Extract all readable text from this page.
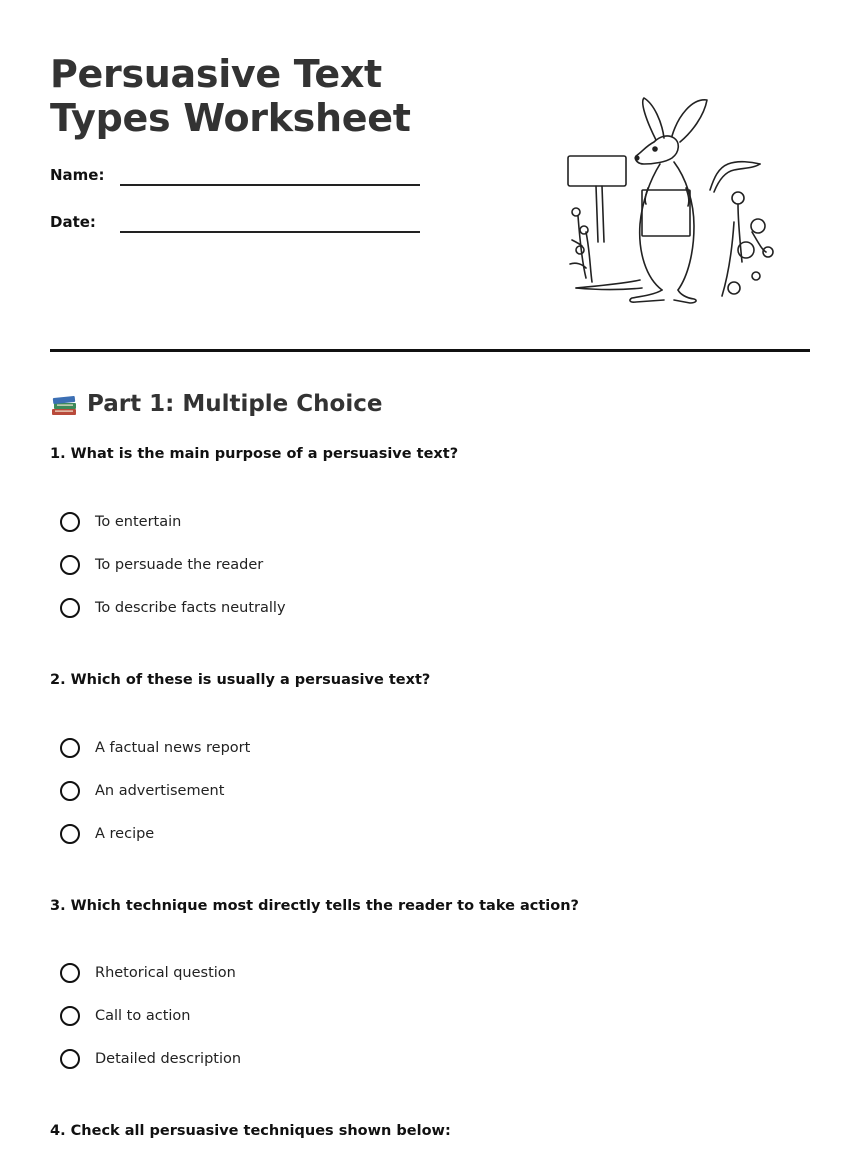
Persuasive Text Types Worksheet
Name:
Date:
Part 1: Multiple Choice

1. What is the main purpose of a persuasive text?

To entertain
To persuade the reader
To describe facts neutrally

2. Which of these is usually a persuasive text?

A factual news report
An advertisement
A recipe

3. Which technique most directly tells the reader to take action?

Rhetorical question
Call to action
Detailed description

4. Check all persuasive techniques shown below:
